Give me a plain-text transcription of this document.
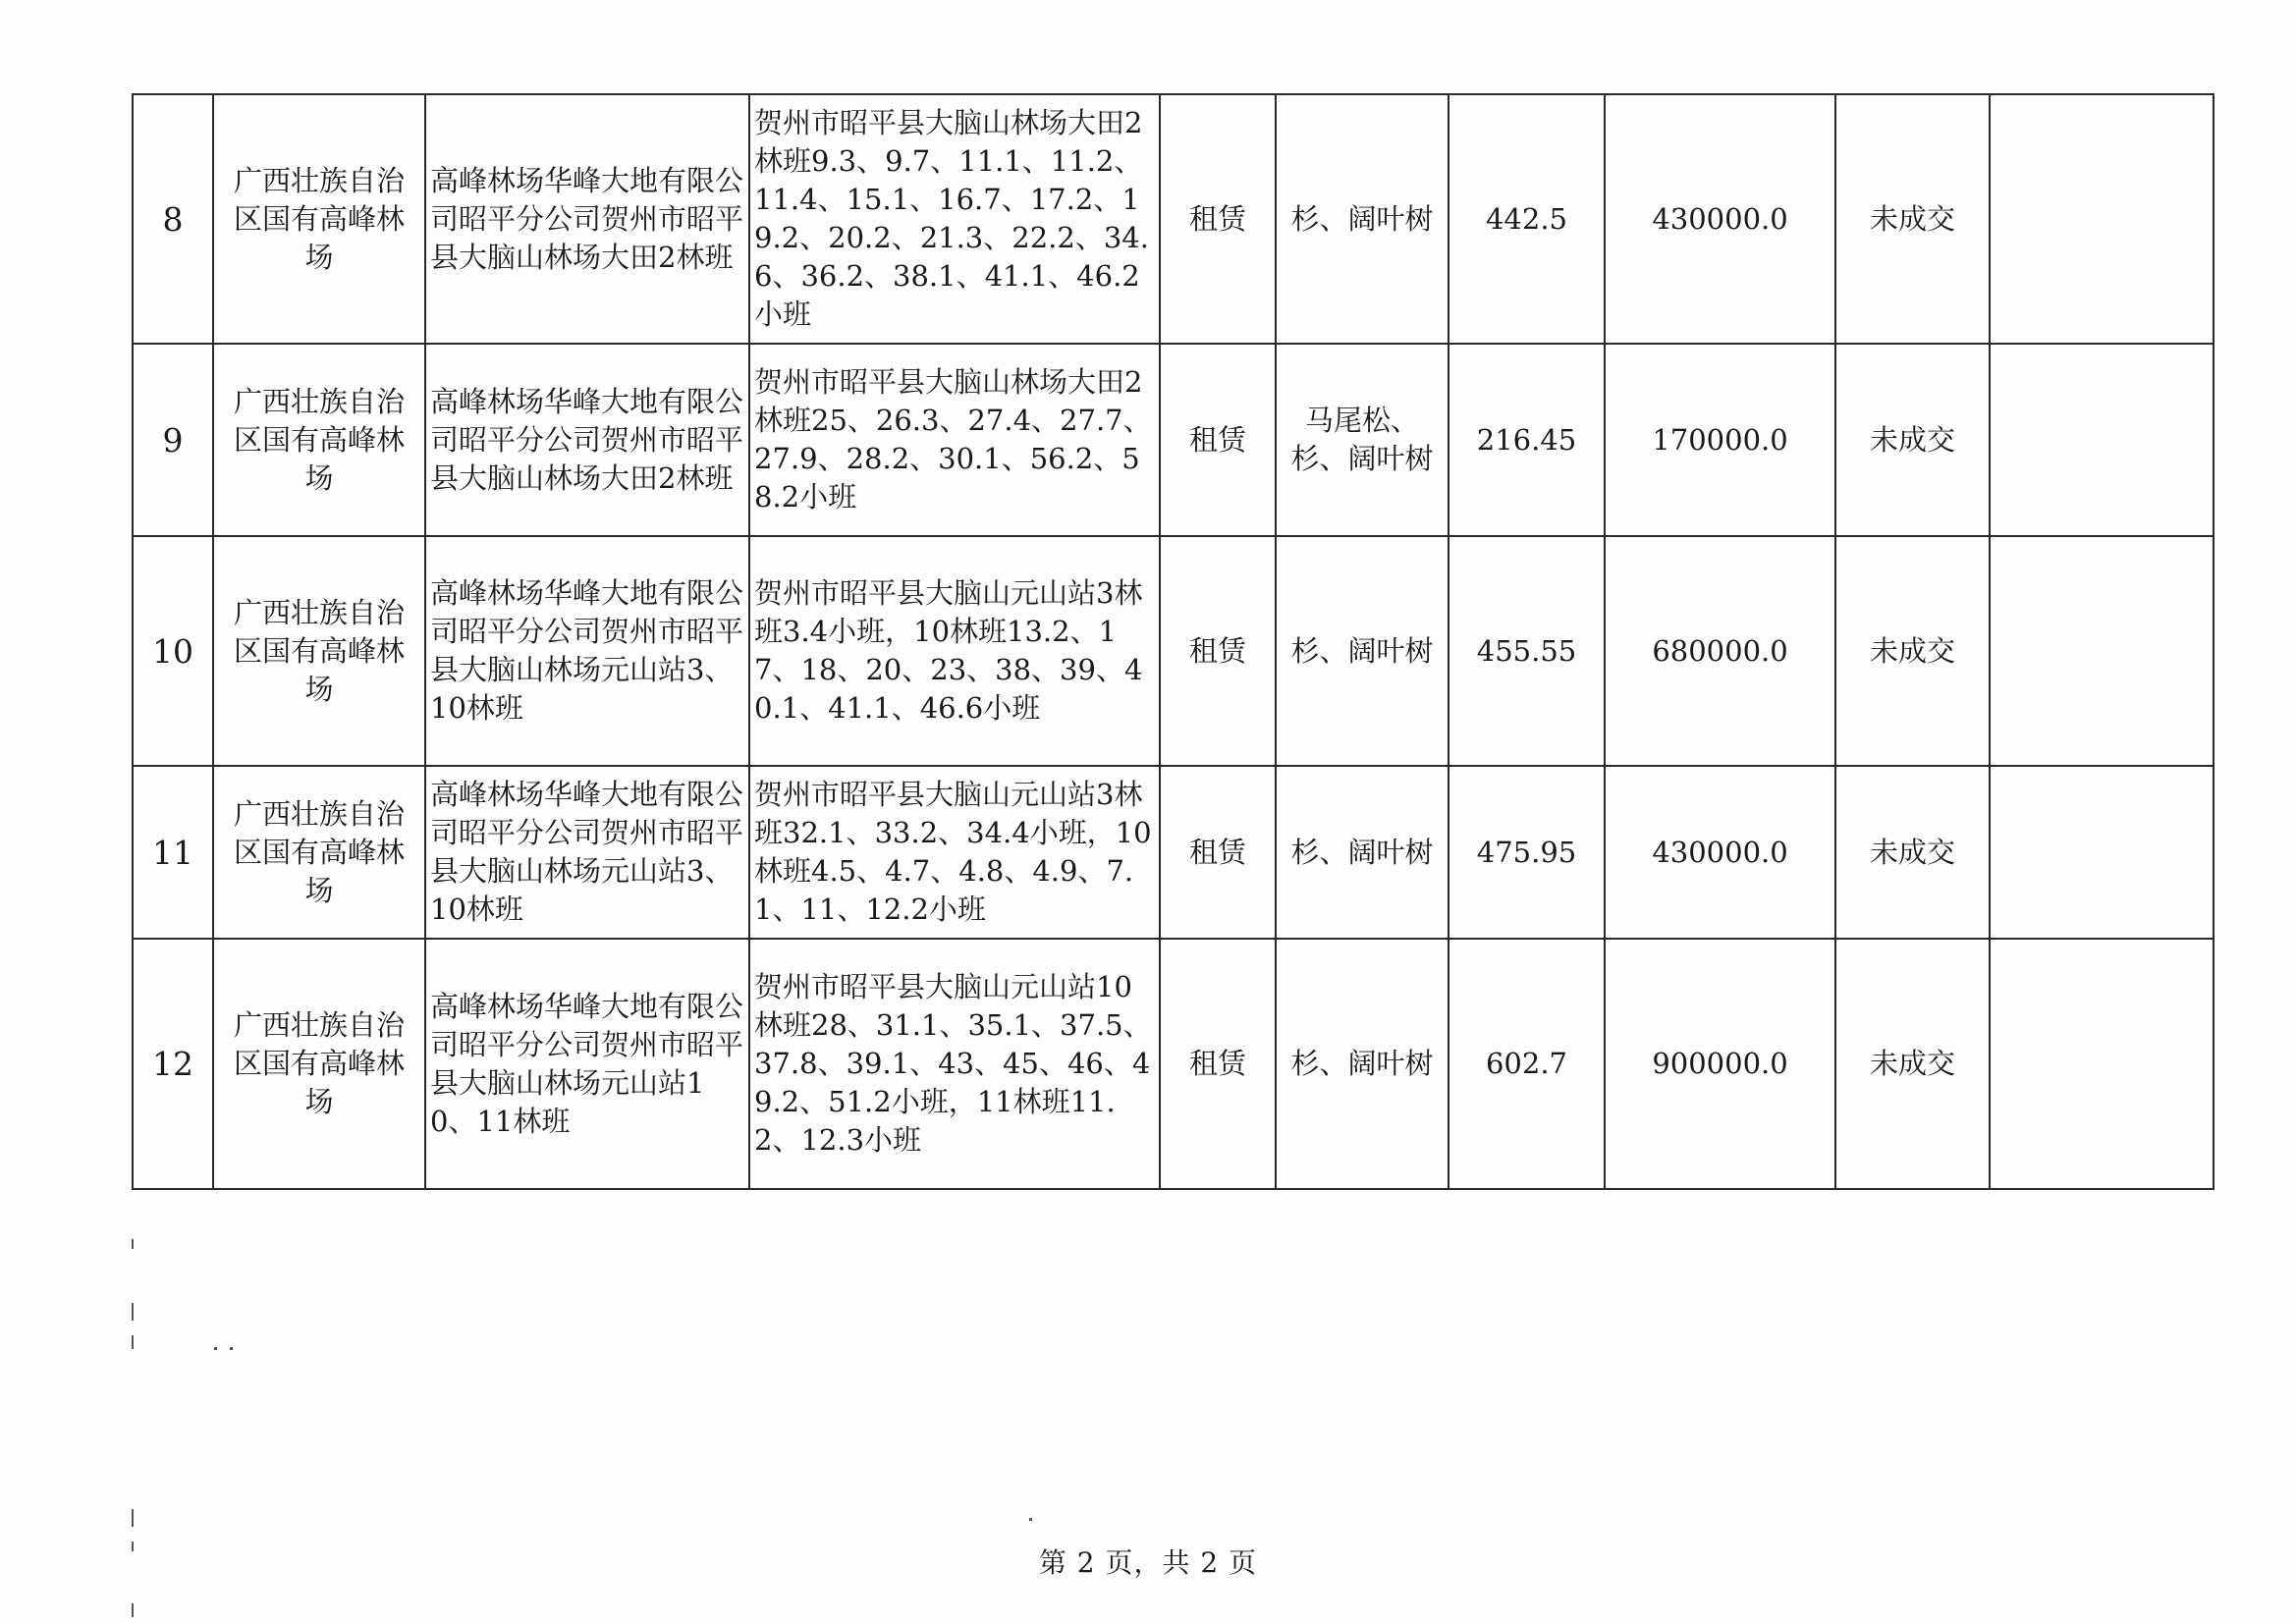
8	广西壮族自治区国有高峰林场	高峰林场华峰大地有限公司昭平分公司贺州市昭平县大脑山林场大田2林班	贺州市昭平县大脑山林场大田2林班9.3、9.7、11.1、11.2、11.4、15.1、16.7、17.2、19.2、20.2、21.3、22.2、34.6、36.2、38.1、41.1、46.2小班	租赁	杉、阔叶树	442.5	430000.0	未成交	
9	广西壮族自治区国有高峰林场	高峰林场华峰大地有限公司昭平分公司贺州市昭平县大脑山林场大田2林班	贺州市昭平县大脑山林场大田2林班25、26.3、27.4、27.7、27.9、28.2、30.1、56.2、58.2小班	租赁	马尾松、杉、阔叶树	216.45	170000.0	未成交	
10	广西壮族自治区国有高峰林场	高峰林场华峰大地有限公司昭平分公司贺州市昭平县大脑山林场元山站3、10林班	贺州市昭平县大脑山元山站3林班3.4小班，10林班13.2、17、18、20、23、38、39、40.1、41.1、46.6小班	租赁	杉、阔叶树	455.55	680000.0	未成交	
11	广西壮族自治区国有高峰林场	高峰林场华峰大地有限公司昭平分公司贺州市昭平县大脑山林场元山站3、10林班	贺州市昭平县大脑山元山站3林班32.1、33.2、34.4小班，10林班4.5、4.7、4.8、4.9、7.1、11、12.2小班	租赁	杉、阔叶树	475.95	430000.0	未成交	
12	广西壮族自治区国有高峰林场	高峰林场华峰大地有限公司昭平分公司贺州市昭平县大脑山林场元山站10、11林班	贺州市昭平县大脑山元山站10林班28、31.1、35.1、37.5、37.8、39.1、43、45、46、49.2、51.2小班，11林班11.2、12.3小班	租赁	杉、阔叶树	602.7	900000.0	未成交	
第 2 页，共 2 页
